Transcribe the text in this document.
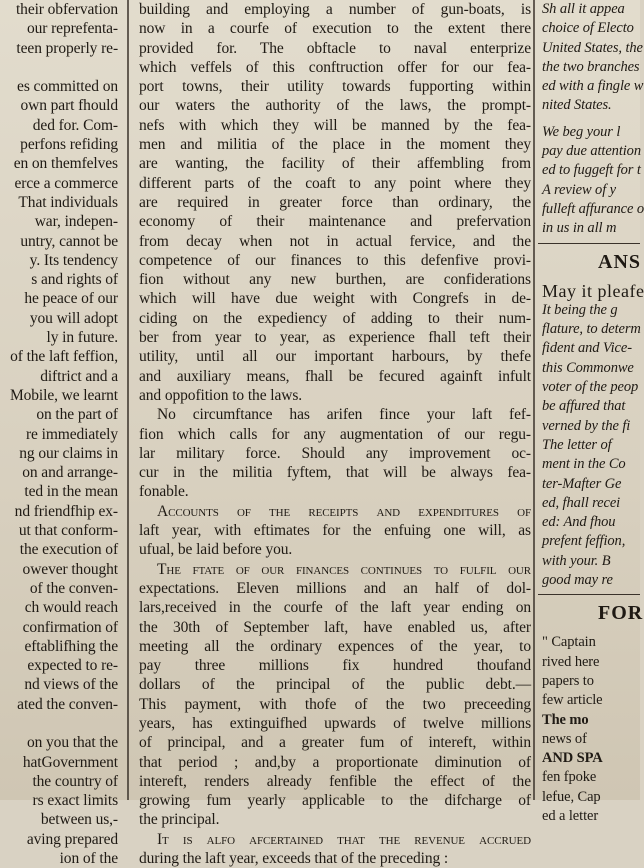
their obfervation
our reprefenta-
teen properly re-

es committed on
own part fhould
ded for. Com-
perfons refiding
en on themfelves
erce a commerce
That individuals
war, indepen-
untry, cannot be
y. Its tendency
s and rights of
he peace of our
you will adopt
ly in future.
of the laft feffion,
diftrict and a
Mobile, we learnt
on the part of
re immediately
ng our claims in
on and arrange-
ted in the mean
nd friendfhip ex-
ut that conform-
the execution of
owever thought
of the conven-
ch would reach
confirmation of
eftablifhing the
expected to re-
nd views of the
ated the conven-

on you that the
hatGovernment
the country of
rs exact limits
between us,-
aving prepared
ion of the
building and employing a number of gun-boats, is
now in a courfe of execution to the extent there
provided for. The obftacle to naval enterprize
which veffels of this conftruction offer for our fea-
port towns, their utility towards fupporting within
our waters the authority of the laws, the prompt-
nefs with which they will be manned by the fea-
men and militia of the place in the moment they
are wanting, the facility of their affembling from
different parts of the coaft to any point where they
are required in greater force than ordinary, the
economy of their maintenance and prefervation
from decay when not in actual fervice, and the
competence of our finances to this defenfive provi-
fion without any new burthen, are confiderations
which will have due weight with Congrefs in de-
ciding on the expediency of adding to their num-
ber from year to year, as experience fhall teft their
utility, until all our important harbours, by thefe
and auxiliary means, fhall be fecured againft infult
and oppofition to the laws.
No circumftance has arifen fince your laft fef-
fion which calls for any augmentation of our regu-
lar military force. Should any improvement oc-
cur in the militia fyftem, that will be always fea-
fonable.
Accounts of the receipts and expenditures of
laft year, with eftimates for the enfuing one will, as
ufual, be laid before you.
The ftate of our finances continues to fulfil our
expectations. Eleven millions and an half of dol-
lars,received in the courfe of the laft year ending on
the 30th of September laft, have enabled us, after
meeting all the ordinary expences of the year, to
pay three millions fix hundred thoufand
dollars of the principal of the public debt.—
This payment, with thofe of the two preceeding
years, has extinguifhed upwards of twelve millions
of principal, and a greater fum of intereft, within
that period ; and,by a proportionate diminution of
intereft, renders already fenfible the effect of the
growing fum yearly applicable to the difcharge of
the principal.
It is alfo afcertained that the revenue accrued
during the laft year, exceeds that of the preceding :
Sh all it appea
choice of Electo
United States, the
the two branches
ed with a fingle w
nited States.
We beg your l
pay due attention
ed to fuggeft for t
A review of y
fulleft affurance o
in us in all m
ANS
May it pleafe
It being the g
flature, to determ
fident and Vice-
this Commonwe
voter of the peop
be affured that
verned by the fi
The letter of
ment in the Co
ter-Mafter Ge
ed, fhall recei
ed: And fhou
prefent feffion,
with your. B
good may re
FOR
" Captain
rived here
papers to
few article
The mo
news of
AND SPA
fen fpoke
lefue, Cap
ed a letter
